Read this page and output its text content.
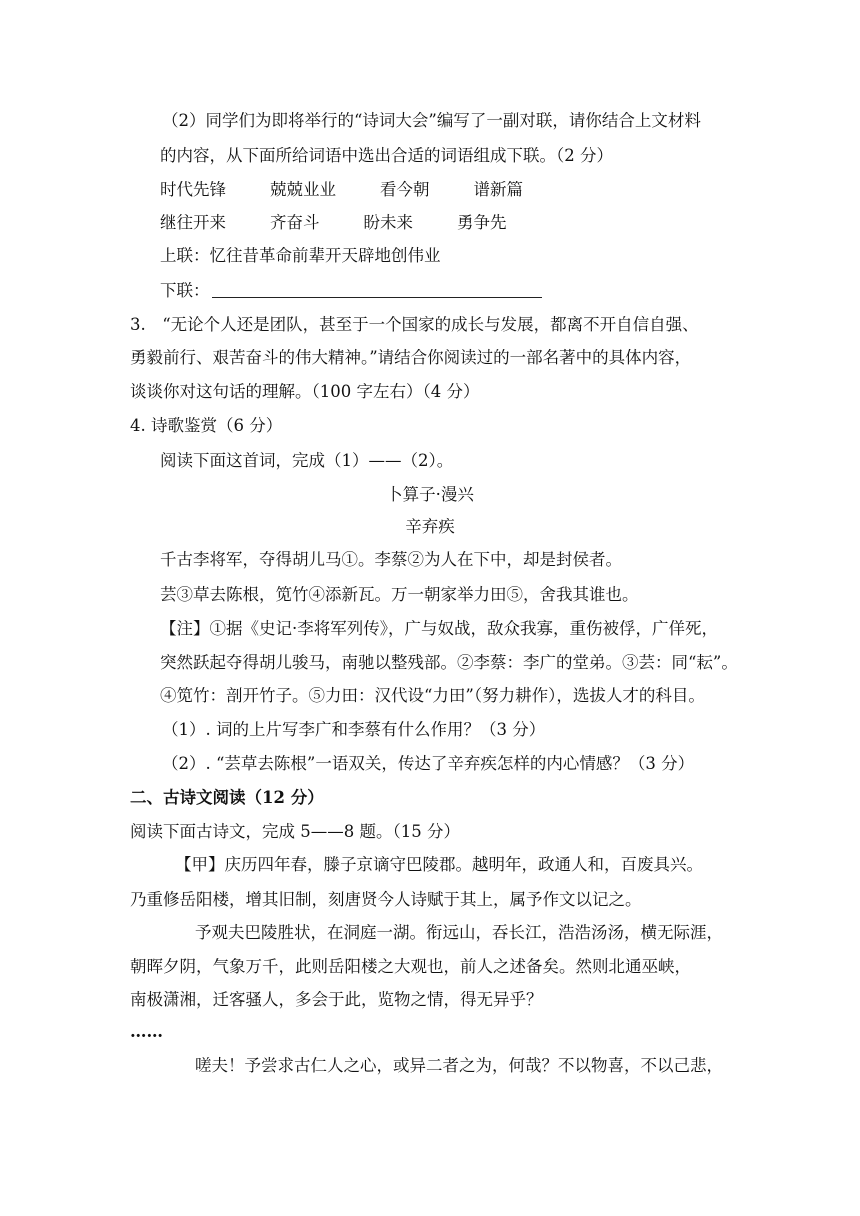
（2）同学们为即将举行的“诗词大会”编写了一副对联，请你结合上文材料
的内容，从下面所给词语中选出合适的词语组成下联。（2 分）
时代先锋	兢兢业业	看今朝	谱新篇
继往开来	齐奋斗	盼未来	勇争先
上联：忆往昔革命前辈开天辟地创伟业
下联：
3.　“无论个人还是团队，甚至于一个国家的成长与发展，都离不开自信自强、
勇毅前行、艰苦奋斗的伟大精神。”请结合你阅读过的一部名著中的具体内容，
谈谈你对这句话的理解。（100 字左右）（4 分）
4. 诗歌鉴赏（6 分）
阅读下面这首词，完成（1）——（2）。
卜算子·漫兴
辛弃疾
千古李将军，夺得胡儿马①。李蔡②为人在下中，却是封侯者。
芸③草去陈根，笕竹④添新瓦。万一朝家举力田⑤，舍我其谁也。
【注】①据《史记·李将军列传》，广与奴战，敌众我寡，重伤被俘，广佯死，
突然跃起夺得胡儿骏马，南驰以整残部。②李蔡：李广的堂弟。③芸：同“耘”。
④笕竹：剖开竹子。⑤力田：汉代设“力田”（努力耕作），选拔人才的科目。
（1）. 词的上片写李广和李蔡有什么作用？（3 分）
（2）. “芸草去陈根”一语双关，传达了辛弃疾怎样的内心情感？（3 分）
二、古诗文阅读（12 分）
阅读下面古诗文，完成 5——8 题。（15 分）
【甲】庆历四年春，滕子京谪守巴陵郡。越明年，政通人和，百废具兴。
乃重修岳阳楼，增其旧制，刻唐贤今人诗赋于其上，属予作文以记之。
予观夫巴陵胜状，在洞庭一湖。衔远山，吞长江，浩浩汤汤，横无际涯，
朝晖夕阴，气象万千，此则岳阳楼之大观也，前人之述备矣。然则北通巫峡，
南极潇湘，迁客骚人，多会于此，览物之情，得无异乎？
……
嗟夫！予尝求古仁人之心，或异二者之为，何哉？不以物喜，不以己悲，
